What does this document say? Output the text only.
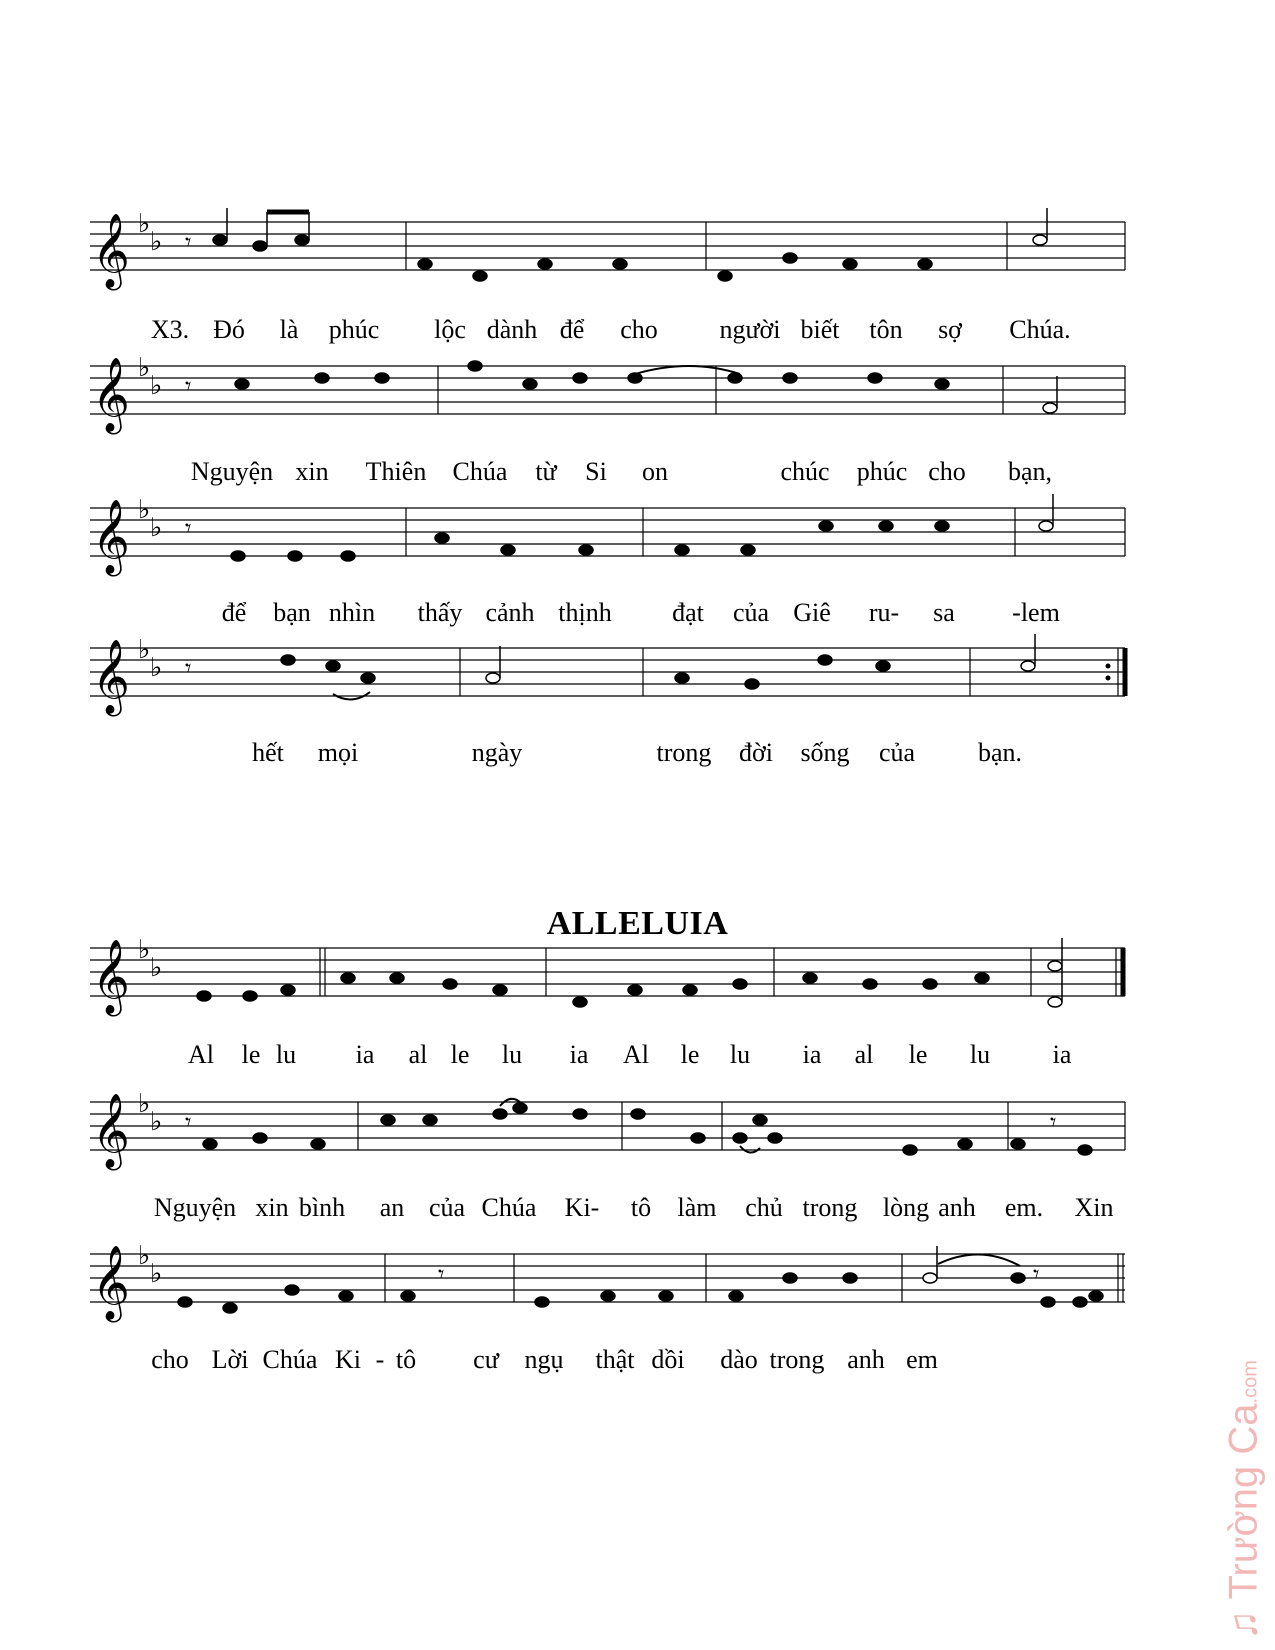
𝄞 ♭
♭ 𝄾
X3. Đó là phúc lộc dành để cho người biết tôn sợ Chúa.
𝄞 ♭
♭ 𝄾
Nguyện xin Thiên Chúa từ Si on	chúc phúc cho bạn,
𝄞 ♭
♭ 𝄾
để bạn nhìn thấy cảnh thịnh đạt của Giê ru- sa -lem
𝄞 ♭
♭ 𝄾
hết mọi	ngày	trong đời sống của bạn.
ALLELUIA
𝄞 ♭
♭
Al le lu ia al le lu ia Al le lu ia al le lu ia
𝄞 ♭
♭ 𝄾	𝄾
Nguyện xin bình an của Chúa Ki- tô làm chủ trong lòng anh em. Xin
𝄞 ♭
♭	𝄾	𝄾
cho Lời Chúa Ki - tô cư ngụ thật dồi dào trong anh em
♫ Trường Ca.com
